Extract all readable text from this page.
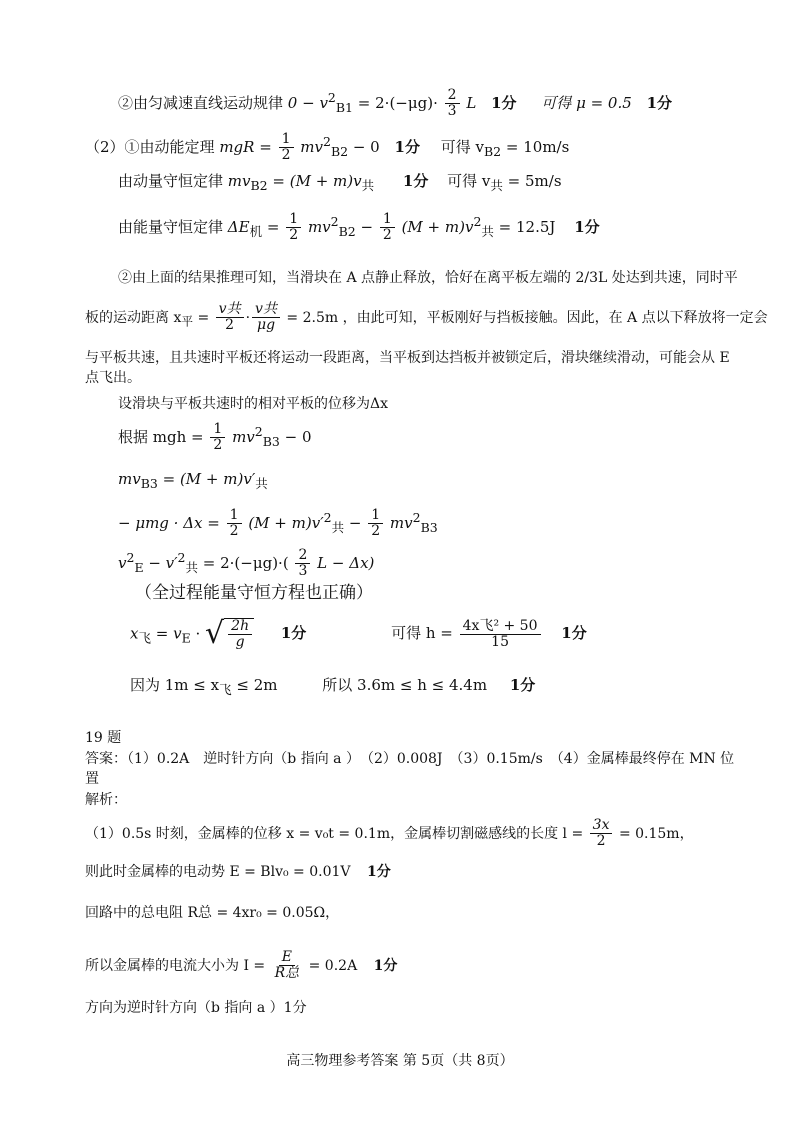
②由匀减速直线运动规律 $0 - v^2_{B1} = 2\cdot(-\mu g)\cdot \frac{2}{3}$ L 1分 可得 μ = 0.5 1分
（2）①由动能定理 mgR = $\frac{1}{2} mv^2_{B2} - 0$ 1分 可得 $v_{B2} = 10m/s$
由动量守恒定律 $mv_{B2} = (M + m)v_共$ 1分 可得 $v_共 = 5m/s$
由能量守恒定律 $\Delta E_机 = \frac{1}{2} mv^2_{B2} - \frac{1}{2} (M + m)v^2_共 = 12.5J$ 1分
②由上面的结果推理可知，当滑块在 A 点静止释放，恰好在离平板左端的 2/3L 处达到共速，同时平
板的运动距离 $x_平 = \frac{\text{v共}}{2} \cdot \frac{\text{v共}}{\mu g} = 2.5m$ ，由此可知，平板刚好与挡板接触。因此，在 A 点以下释放将一定会
与平板共速，且共速时平板还将运动一段距离，当平板到达挡板并被锁定后，滑块继续滑动，可能会从 E
点飞出。
设滑块与平板共速时的相对平板的位移为Δx
根据 mgh = $\frac{1}{2} mv^2_{B3} - 0$
$mv_{B3} = (M + m)v'_共$
− $\mu mg \cdot \Delta x = \frac{1}{2} (M + m)v'^2_共 - \frac{1}{2} mv^2_{B3}$
$v^2_E - v'^2_共 = 2\cdot(-\mu g)\cdot( \frac{2}{3}$ L − Δx)
（全过程能量守恒方程也正确）
$x_飞 = v_E$ · √ $\frac{2h}{g} 1$分	可得 $h = \frac{\text{4x飞² + 50}}{15} 1$分
因为 $1m \le x_飞 \le 2m$	所以 3.6m ≤ h ≤ 4.4m 1分
19 题
答案：（1）0.2A　逆时针方向（b 指向 a ）　（2）0.008J　（3）0.15m/s　（4）金属棒最终停在 MN 位
置
解析：
（1）0.5s 时刻，金属棒的位移 x = v₀t = 0.1m，金属棒切割磁感线的长度 $l = \frac{3x}{2} = 0.15m$，
则此时金属棒的电动势 E = Blv₀ = 0.01V 1分
回路中的总电阻 R总 = 4xr₀ = 0.05Ω，
所以金属棒的电流大小为 $I = \frac{E}{\text{R总}} = 0.2A$ 1分
方向为逆时针方向（b 指向 a ）1分
高三物理参考答案 第 5页（共 8页）
